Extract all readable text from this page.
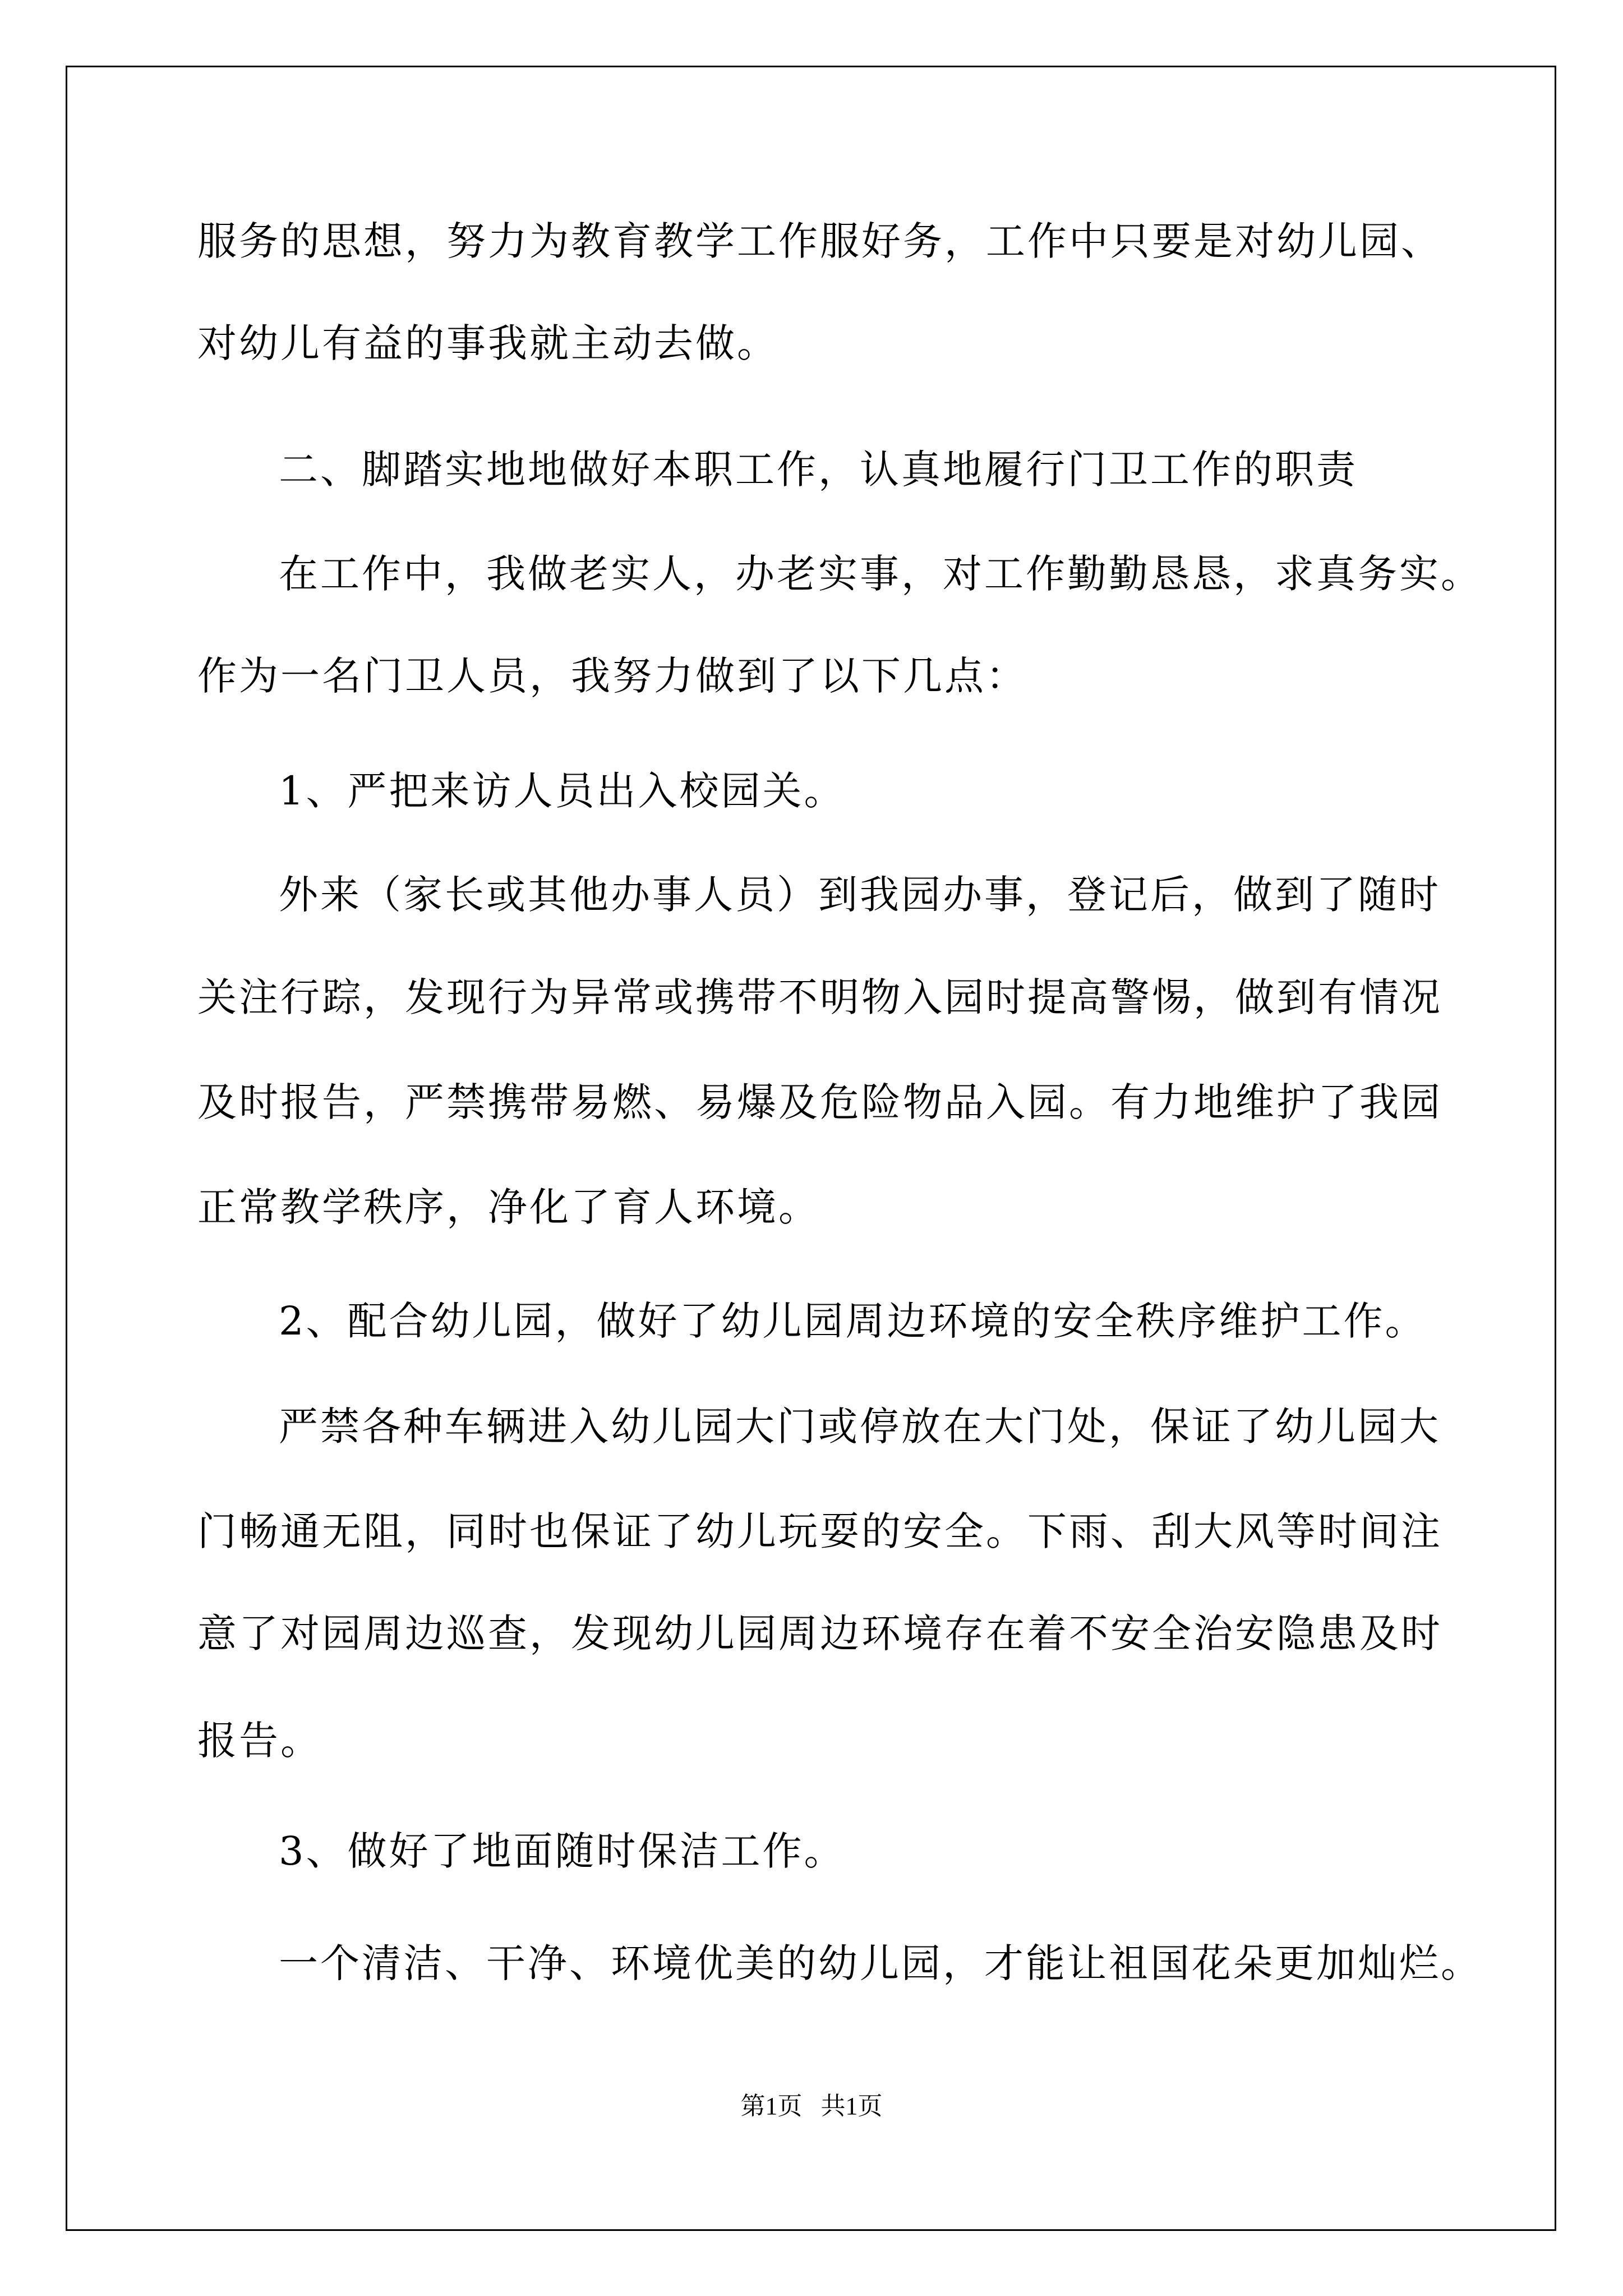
服务的思想，努力为教育教学工作服好务，工作中只要是对幼儿园、
对幼儿有益的事我就主动去做。
二、脚踏实地地做好本职工作，认真地履行门卫工作的职责
在工作中，我做老实人，办老实事，对工作勤勤恳恳，求真务实。
作为一名门卫人员，我努力做到了以下几点：
1、严把来访人员出入校园关。
外来（家长或其他办事人员）到我园办事，登记后，做到了随时
关注行踪，发现行为异常或携带不明物入园时提高警惕，做到有情况
及时报告，严禁携带易燃、易爆及危险物品入园。有力地维护了我园
正常教学秩序，净化了育人环境。
2、配合幼儿园，做好了幼儿园周边环境的安全秩序维护工作。
严禁各种车辆进入幼儿园大门或停放在大门处，保证了幼儿园大
门畅通无阻，同时也保证了幼儿玩耍的安全。下雨、刮大风等时间注
意了对园周边巡查，发现幼儿园周边环境存在着不安全治安隐患及时
报告。
3、做好了地面随时保洁工作。
一个清洁、干净、环境优美的幼儿园，才能让祖国花朵更加灿烂。
第1页   共1页
